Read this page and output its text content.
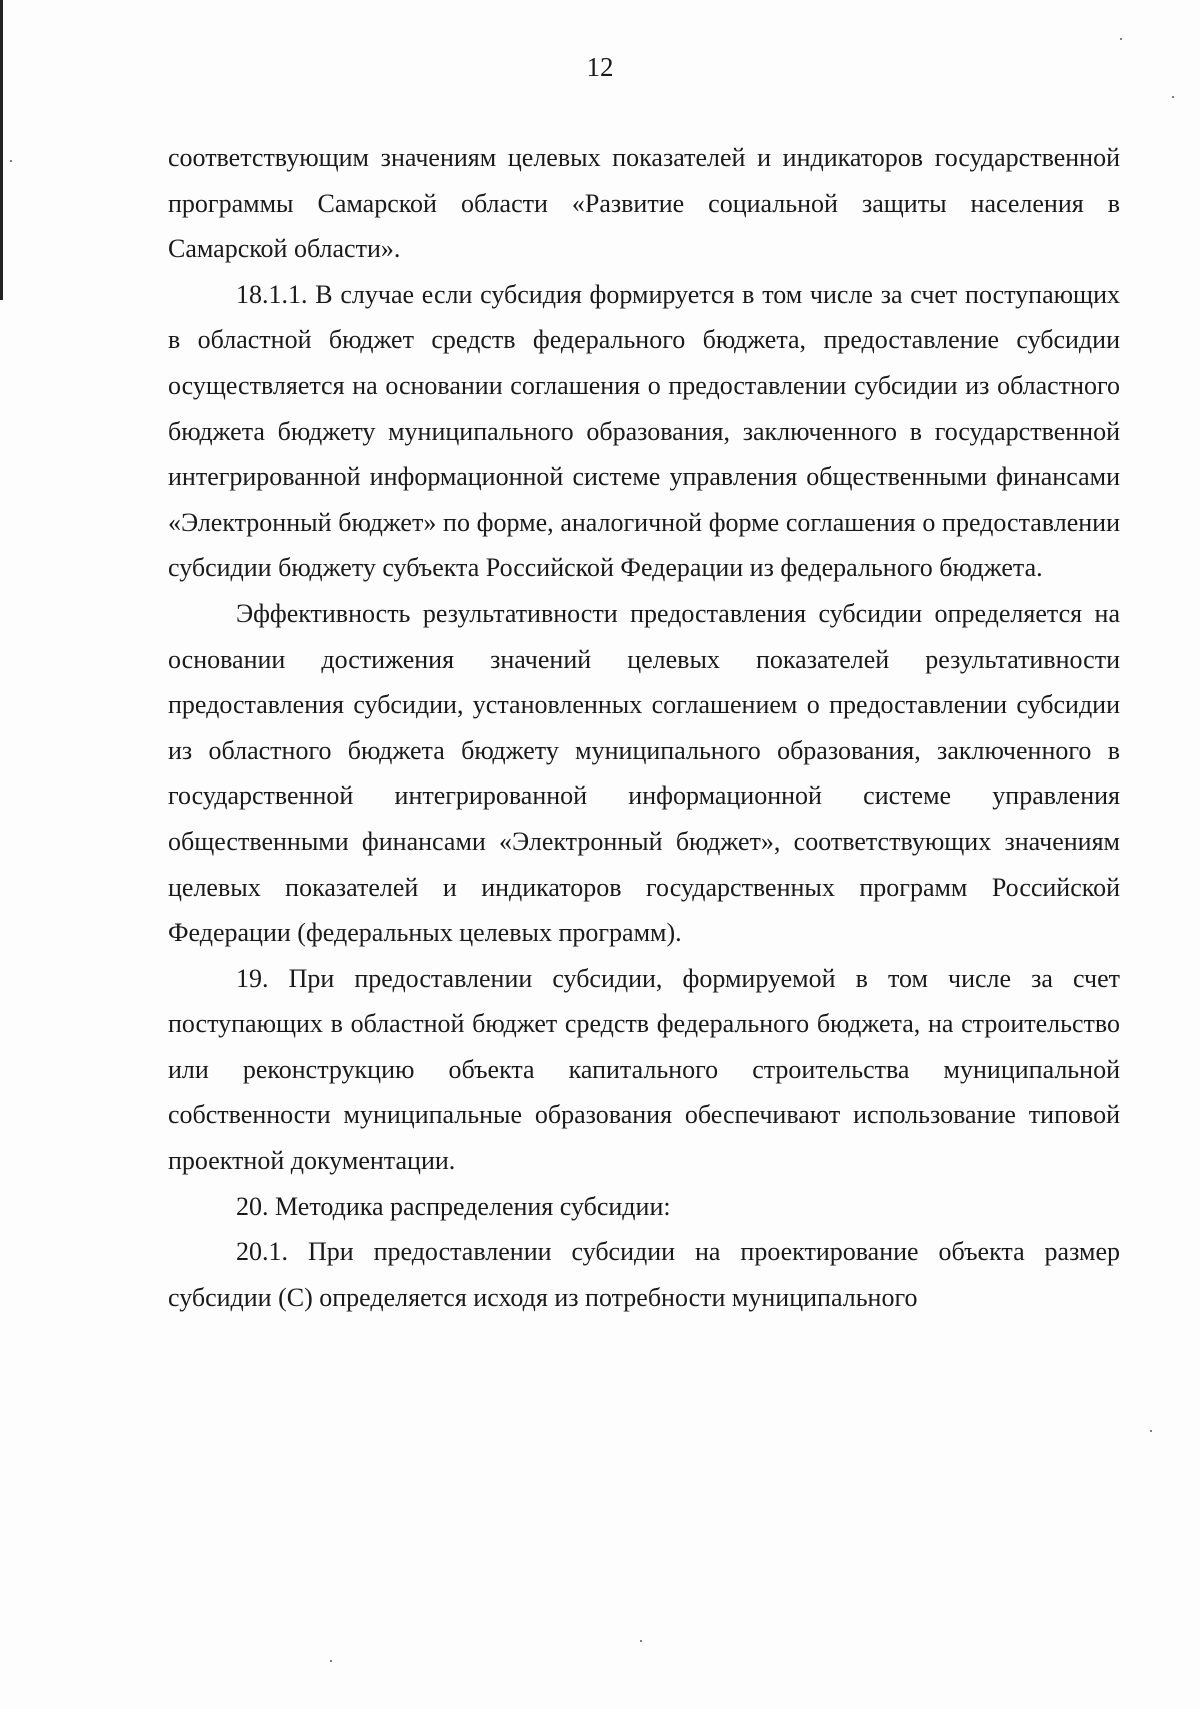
12

соответствующим значениям целевых показателей и индикаторов государственной программы Самарской области «Развитие социальной защиты населения в Самарской области».

18.1.1. В случае если субсидия формируется в том числе за счет поступающих в областной бюджет средств федерального бюджета, предоставление субсидии осуществляется на основании соглашения о предоставлении субсидии из областного бюджета бюджету муниципального образования, заключенного в государственной интегрированной информационной системе управления общественными финансами «Электронный бюджет» по форме, аналогичной форме соглашения о предоставлении субсидии бюджету субъекта Российской Федерации из федерального бюджета.

Эффективность результативности предоставления субсидии определяется на основании достижения значений целевых показателей результативности предоставления субсидии, установленных соглашением о предоставлении субсидии из областного бюджета бюджету муниципального образования, заключенного в государственной интегрированной информационной системе управления общественными финансами «Электронный бюджет», соответствующих значениям целевых показателей и индикаторов государственных программ Российской Федерации (федеральных целевых программ).

19. При предоставлении субсидии, формируемой в том числе за счет поступающих в областной бюджет средств федерального бюджета, на строительство или реконструкцию объекта капитального строительства муниципальной собственности муниципальные образования обеспечивают использование типовой проектной документации.

20. Методика распределения субсидии:

20.1. При предоставлении субсидии на проектирование объекта размер субсидии (С) определяется исходя из потребности муниципального
